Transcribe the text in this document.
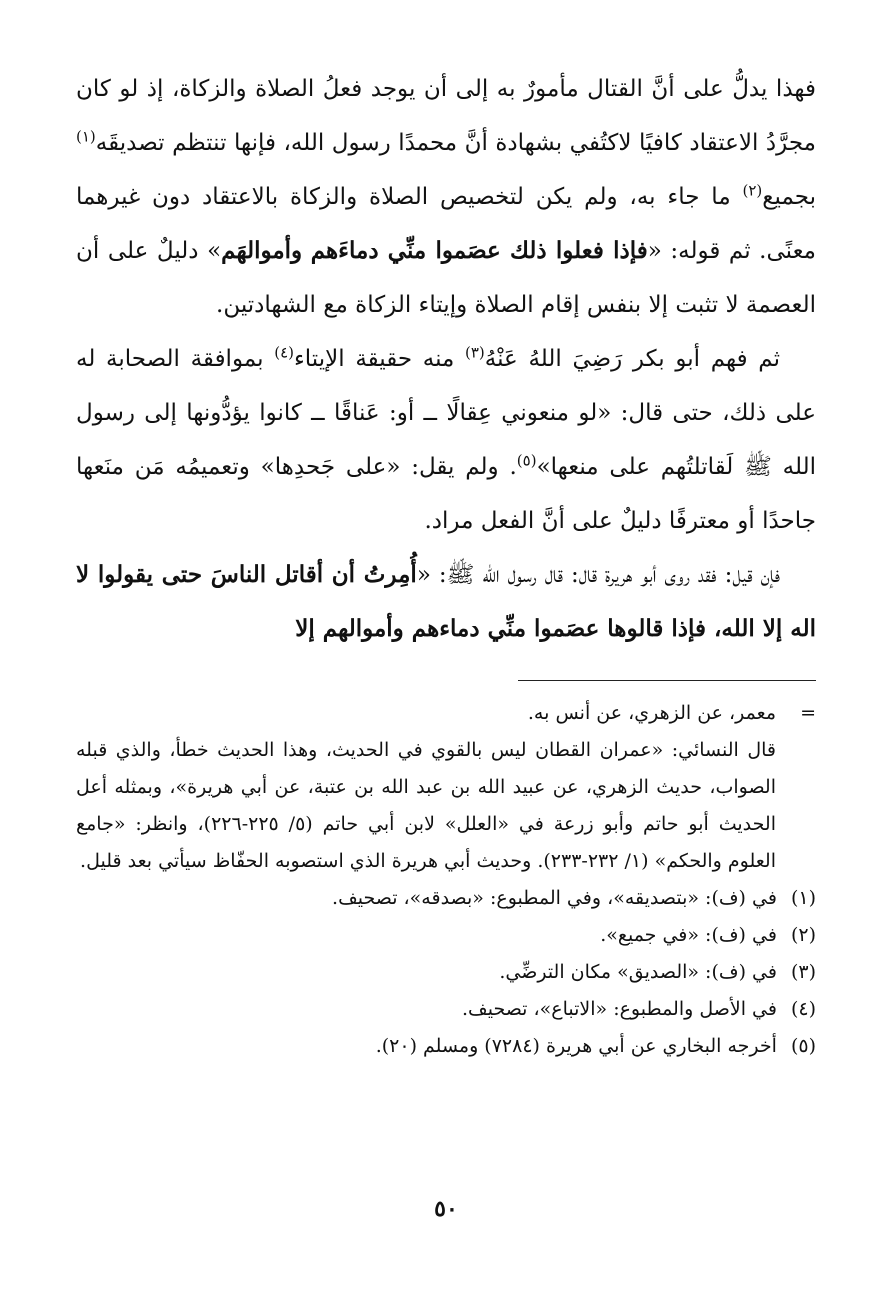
فهذا يدلُّ على أنَّ القتال مأمورٌ به إلى أن يوجد فعلُ الصلاة والزكاة، إذ لو كان مجرَّدُ الاعتقاد كافيًا لاكتُفي بشهادة أنَّ محمدًا رسول الله، فإنها تنتظم تصديقَه$^{(١)}$ بجميع$^{(٢)}$ ما جاء به، ولم يكن لتخصيص الصلاة والزكاة بالاعتقاد دون غيرهما معنًى. ثم قوله: «فإذا فعلوا ذلك عصَموا منِّي دماءَهم وأموالهَم» دليلٌ على أن العصمة لا تثبت إلا بنفس إقام الصلاة وإيتاء الزكاة مع الشهادتين.

ثم فهم أبو بكر رَضِيَ اللهُ عَنْهُ$^{(٣)}$ منه حقيقة الإيتاء$^{(٤)}$ بموافقة الصحابة له على ذلك، حتى قال: «لو منعوني عِقالًا ــ أو: عَناقًا ــ كانوا يؤدُّونها إلى رسول الله ﷺ لَقاتلتُهم على منعها»$^{(٥)}$. ولم يقل: «على جَحدِها» وتعميمُه مَن منَعها جاحدًا أو معترفًا دليلٌ على أنَّ الفعل مراد.

فإن قيل: فقد روى أبو هريرة قال: قال رسول الله ﷺ: «أُمِرتُ أن أقاتل الناسَ حتى يقولوا لا اله إلا الله، فإذا قالوها عصَموا منِّي دماءهم وأموالهم إلا

=

معمر، عن الزهري، عن أنس به.

قال النسائي: «عمران القطان ليس بالقوي في الحديث، وهذا الحديث خطأ، والذي قبله الصواب، حديث الزهري، عن عبيد الله بن عبد الله بن عتبة، عن أبي هريرة»، وبمثله أعل الحديث أبو حاتم وأبو زرعة في «العلل» لابن أبي حاتم (٥/ ٢٢٥-٢٢٦)، وانظر: «جامع العلوم والحكم» (١/ ٢٣٢-٢٣٣). وحديث أبي هريرة الذي استصوبه الحفّاظ سيأتي بعد قليل.

(١)
في (ف): «بتصديقه»، وفي المطبوع: «بصدقه»، تصحيف.
(٢)
في (ف): «في جميع».
(٣)
في (ف): «الصديق» مكان الترضِّي.
(٤)
في الأصل والمطبوع: «الاتباع»، تصحيف.
(٥)
أخرجه البخاري عن أبي هريرة (٧٢٨٤) ومسلم (٢٠).
٥٠
